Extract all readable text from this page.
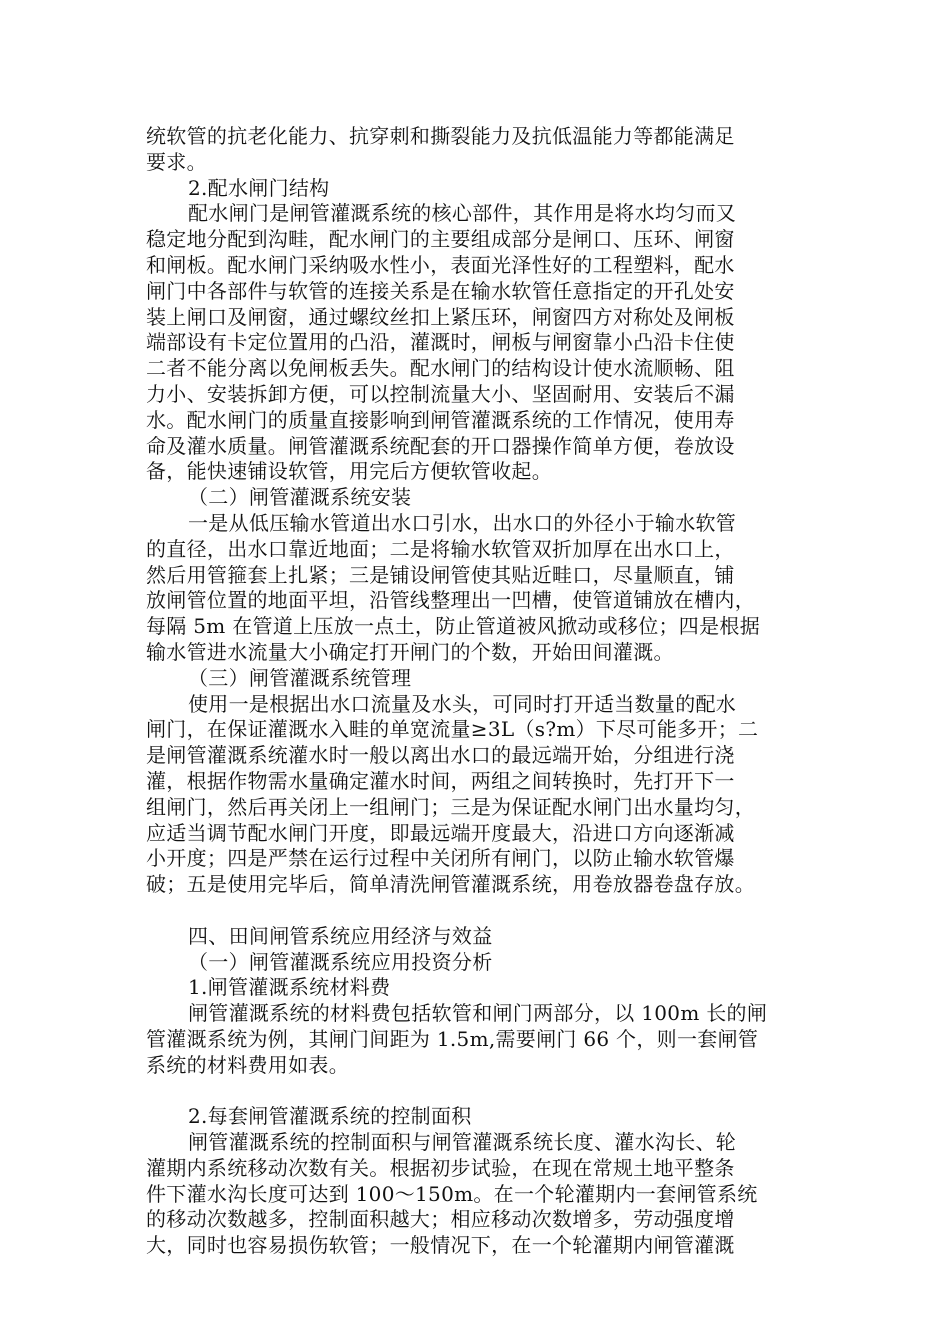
统软管的抗老化能力、抗穿刺和撕裂能力及抗低温能力等都能满足
要求。
2.配水闸门结构
配水闸门是闸管灌溉系统的核心部件，其作用是将水均匀而又
稳定地分配到沟畦，配水闸门的主要组成部分是闸口、压环、闸窗
和闸板。配水闸门采纳吸水性小，表面光泽性好的工程塑料，配水
闸门中各部件与软管的连接关系是在输水软管任意指定的开孔处安
装上闸口及闸窗，通过螺纹丝扣上紧压环，闸窗四方对称处及闸板
端部设有卡定位置用的凸沿，灌溉时，闸板与闸窗靠小凸沿卡住使
二者不能分离以免闸板丢失。配水闸门的结构设计使水流顺畅、阻
力小、安装拆卸方便，可以控制流量大小、坚固耐用、安装后不漏
水。配水闸门的质量直接影响到闸管灌溉系统的工作情况，使用寿
命及灌水质量。闸管灌溉系统配套的开口器操作简单方便，卷放设
备，能快速铺设软管，用完后方便软管收起。
（二）闸管灌溉系统安装
一是从低压输水管道出水口引水，出水口的外径小于输水软管
的直径，出水口靠近地面；二是将输水软管双折加厚在出水口上，
然后用管箍套上扎紧；三是铺设闸管使其贴近畦口，尽量顺直，铺
放闸管位置的地面平坦，沿管线整理出一凹槽，使管道铺放在槽内，
每隔 5m 在管道上压放一点土，防止管道被风掀动或移位；四是根据
输水管进水流量大小确定打开闸门的个数，开始田间灌溉。
（三）闸管灌溉系统管理
使用一是根据出水口流量及水头，可同时打开适当数量的配水
闸门，在保证灌溉水入畦的单宽流量≥3L（s?m）下尽可能多开；二
是闸管灌溉系统灌水时一般以离出水口的最远端开始，分组进行浇
灌，根据作物需水量确定灌水时间，两组之间转换时，先打开下一
组闸门，然后再关闭上一组闸门；三是为保证配水闸门出水量均匀，
应适当调节配水闸门开度，即最远端开度最大，沿进口方向逐渐减
小开度；四是严禁在运行过程中关闭所有闸门，以防止输水软管爆
破；五是使用完毕后，简单清洗闸管灌溉系统，用卷放器卷盘存放。
四、田间闸管系统应用经济与效益
（一）闸管灌溉系统应用投资分析
1.闸管灌溉系统材料费
闸管灌溉系统的材料费包括软管和闸门两部分，以 100m 长的闸
管灌溉系统为例，其闸门间距为 1.5m,需要闸门 66 个，则一套闸管
系统的材料费用如表。
2.每套闸管灌溉系统的控制面积
闸管灌溉系统的控制面积与闸管灌溉系统长度、灌水沟长、轮
灌期内系统移动次数有关。根据初步试验，在现在常规土地平整条
件下灌水沟长度可达到 100～150m。在一个轮灌期内一套闸管系统
的移动次数越多，控制面积越大；相应移动次数增多，劳动强度增
大，同时也容易损伤软管；一般情况下，在一个轮灌期内闸管灌溉
